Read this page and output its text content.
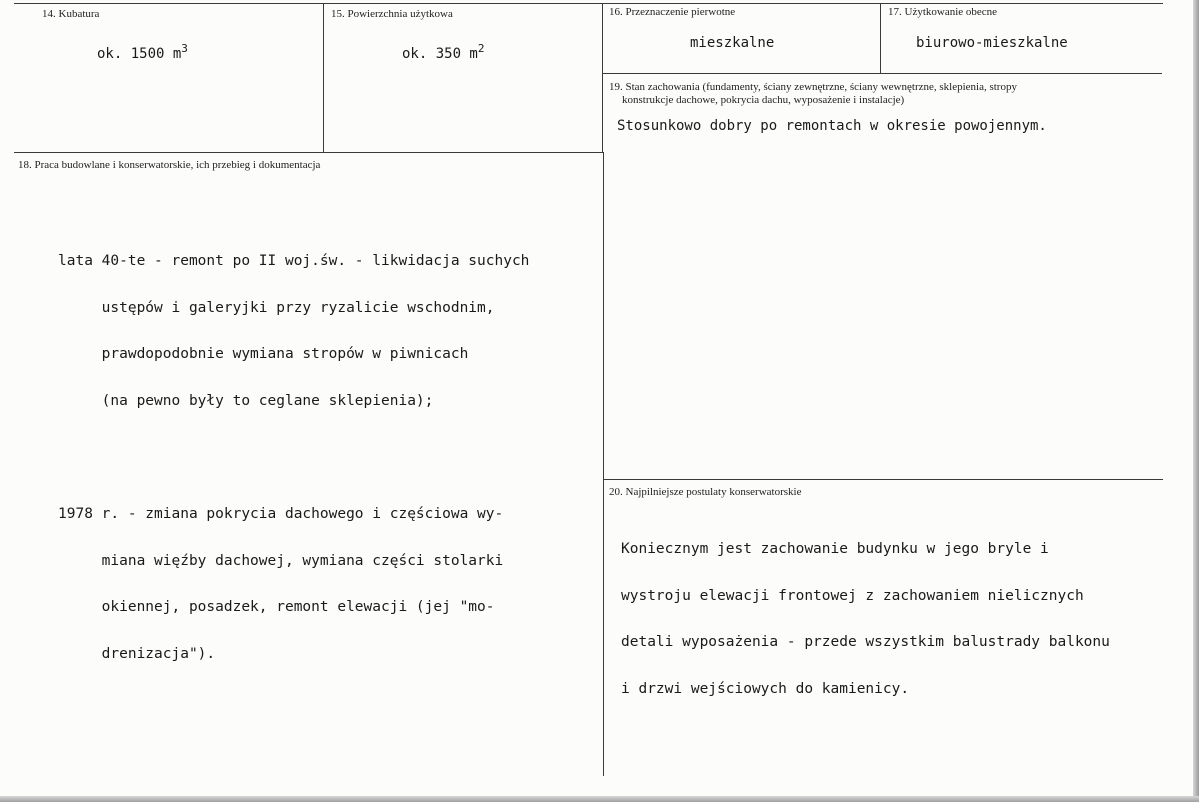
14. Kubatura
ok. 1500 $m^3$
15. Powierzchnia użytkowa
ok. 350 $m^2$
16. Przeznaczenie pierwotne
mieszkalne
17. Użytkowanie obecne
biurowo-mieszkalne
19. Stan zachowania (fundamenty, ściany zewnętrzne, ściany wewnętrzne, sklepienia, stropy
konstrukcje dachowe, pokrycia dachu, wyposażenie i instalacje)
Stosunkowo dobry po remontach w okresie powojennym.
18. Praca budowlane i konserwatorskie, ich przebieg i dokumentacja

lata 40-te - remont po II woj.św. - likwidacja suchych

ustępów i galeryjki przy ryzalicie wschodnim,

prawdopodobnie wymiana stropów w piwnicach

(na pewno były to ceglane sklepienia);

1978 r. - zmiana pokrycia dachowego i częściowa wy-

miana więźby dachowej, wymiana części stolarki

okiennej, posadzek, remont elewacji (jej "mo-

drenizacja").

20. Najpilniejsze postulaty konserwatorskie

Koniecznym jest zachowanie budynku w jego bryle i

wystroju elewacji frontowej z zachowaniem nielicznych

detali wyposażenia - przede wszystkim balustrady balkonu

i drzwi wejściowych do kamienicy.
